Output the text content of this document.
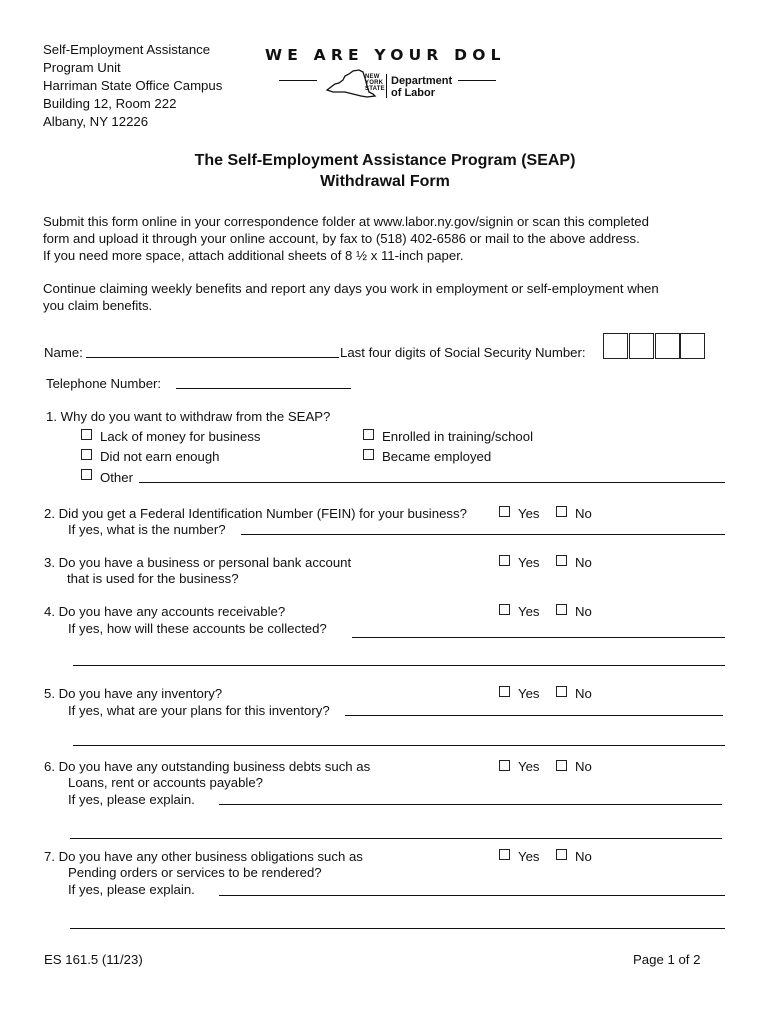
Self-Employment Assistance
Program Unit
Harriman State Office Campus
Building 12, Room 222
Albany, NY 12226
WE ARE YOUR DOL
NEW
YORK
STATE
Department
of Labor
The Self-Employment Assistance Program (SEAP)
Withdrawal Form
Submit this form online in your correspondence folder at www.labor.ny.gov/signin or scan this completed
form and upload it through your online account, by fax to (518) 402-6586 or mail to the above address.
If you need more space, attach additional sheets of 8 ½ x 11-inch paper.
Continue claiming weekly benefits and report any days you work in employment or self-employment when
you claim benefits.
Name:	Last four digits of Social Security Number:
Telephone Number:
1. Why do you want to withdraw from the SEAP?
Lack of money for business
Did not earn enough
Other
Enrolled in training/school
Became employed
2. Did you get a Federal Identification Number (FEIN) for your business?
If yes, what is the number?
Yes	No
3. Do you have a business or personal bank account
that is used for the business?
Yes	No
4. Do you have any accounts receivable?
If yes, how will these accounts be collected?
Yes	No
5. Do you have any inventory?
If yes, what are your plans for this inventory?
Yes	No
6. Do you have any outstanding business debts such as
Loans, rent or accounts payable?
If yes, please explain.
Yes	No
7. Do you have any other business obligations such as
Pending orders or services to be rendered?
If yes, please explain.
Yes	No
ES 161.5 (11/23)	Page 1 of 2
